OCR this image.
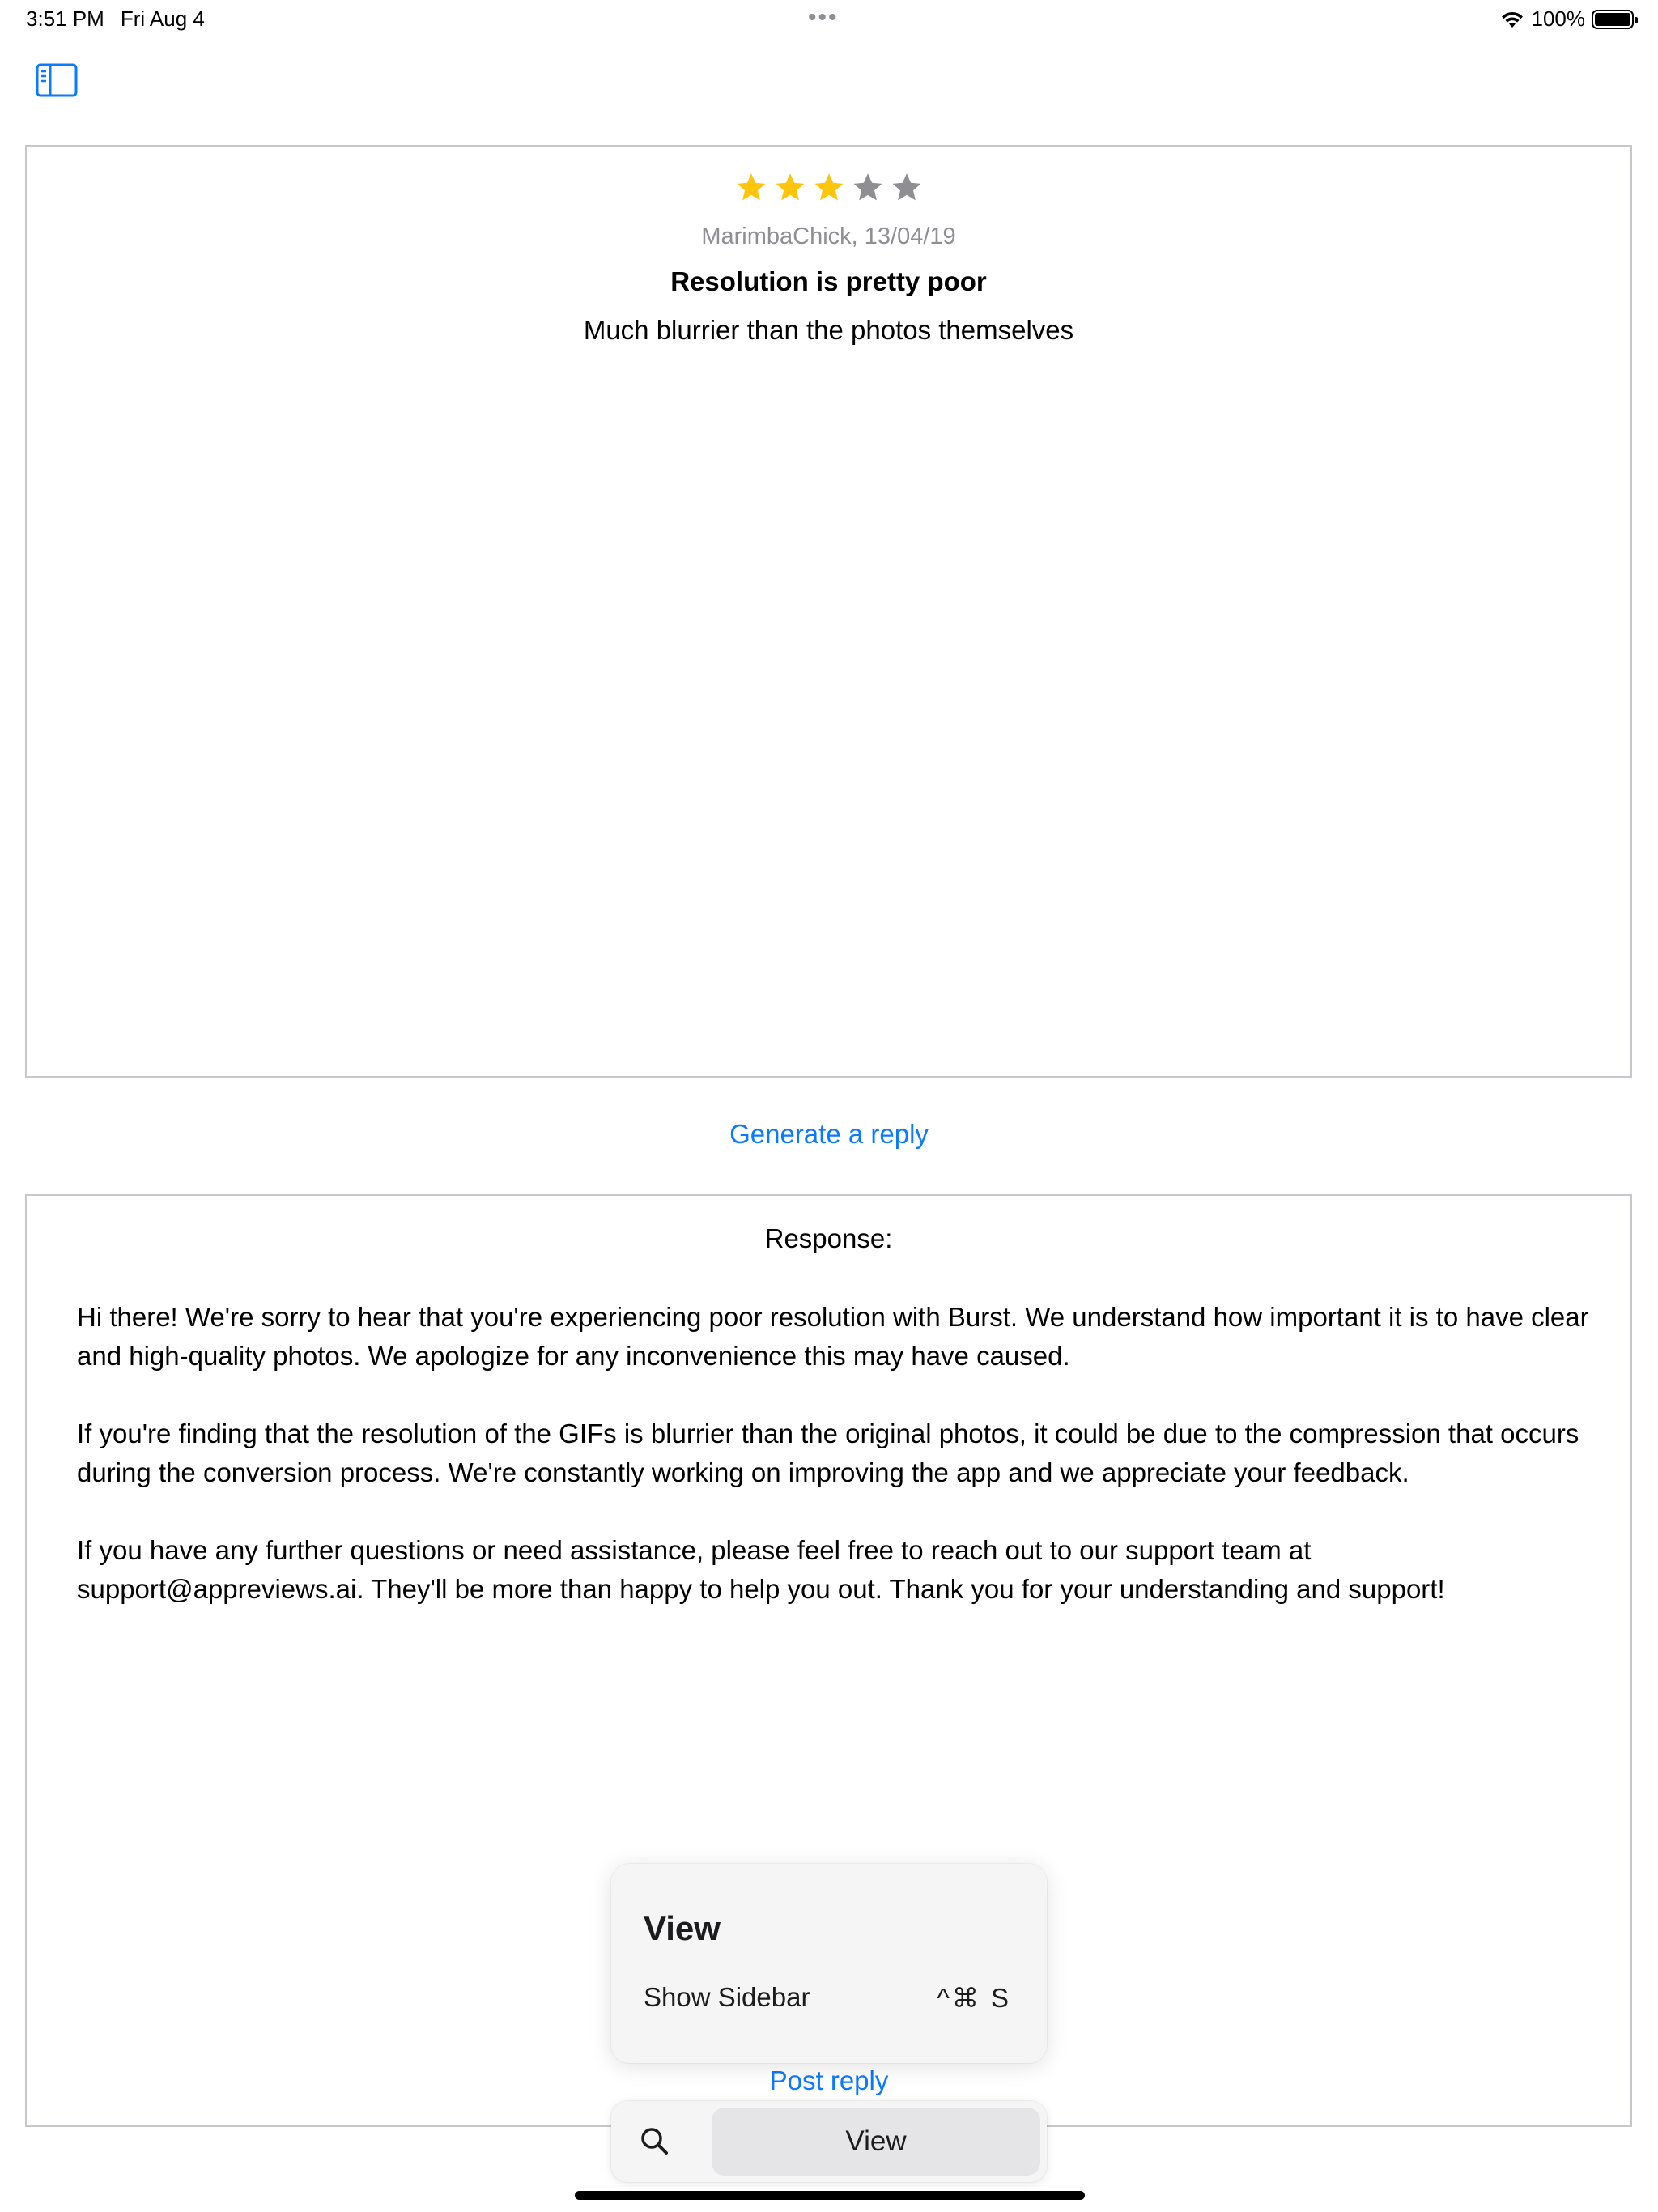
3:51 PM Fri Aug 4	•••	100%
MarimbaChick, 13/04/19
Resolution is pretty poor
Much blurrier than the photos themselves
Generate a reply
Response:

Hi there! We're sorry to hear that you're experiencing poor resolution with Burst. We understand how important it is to have clear and high-quality photos. We apologize for any inconvenience this may have caused.

If you're finding that the resolution of the GIFs is blurrier than the original photos, it could be due to the compression that occurs during the conversion process. We're constantly working on improving the app and we appreciate your feedback.

If you have any further questions or need assistance, please feel free to reach out to our support team at support@appreviews.ai. They'll be more than happy to help you out. Thank you for your understanding and support!

Post reply
View
Show Sidebar	^⌘ S
View
